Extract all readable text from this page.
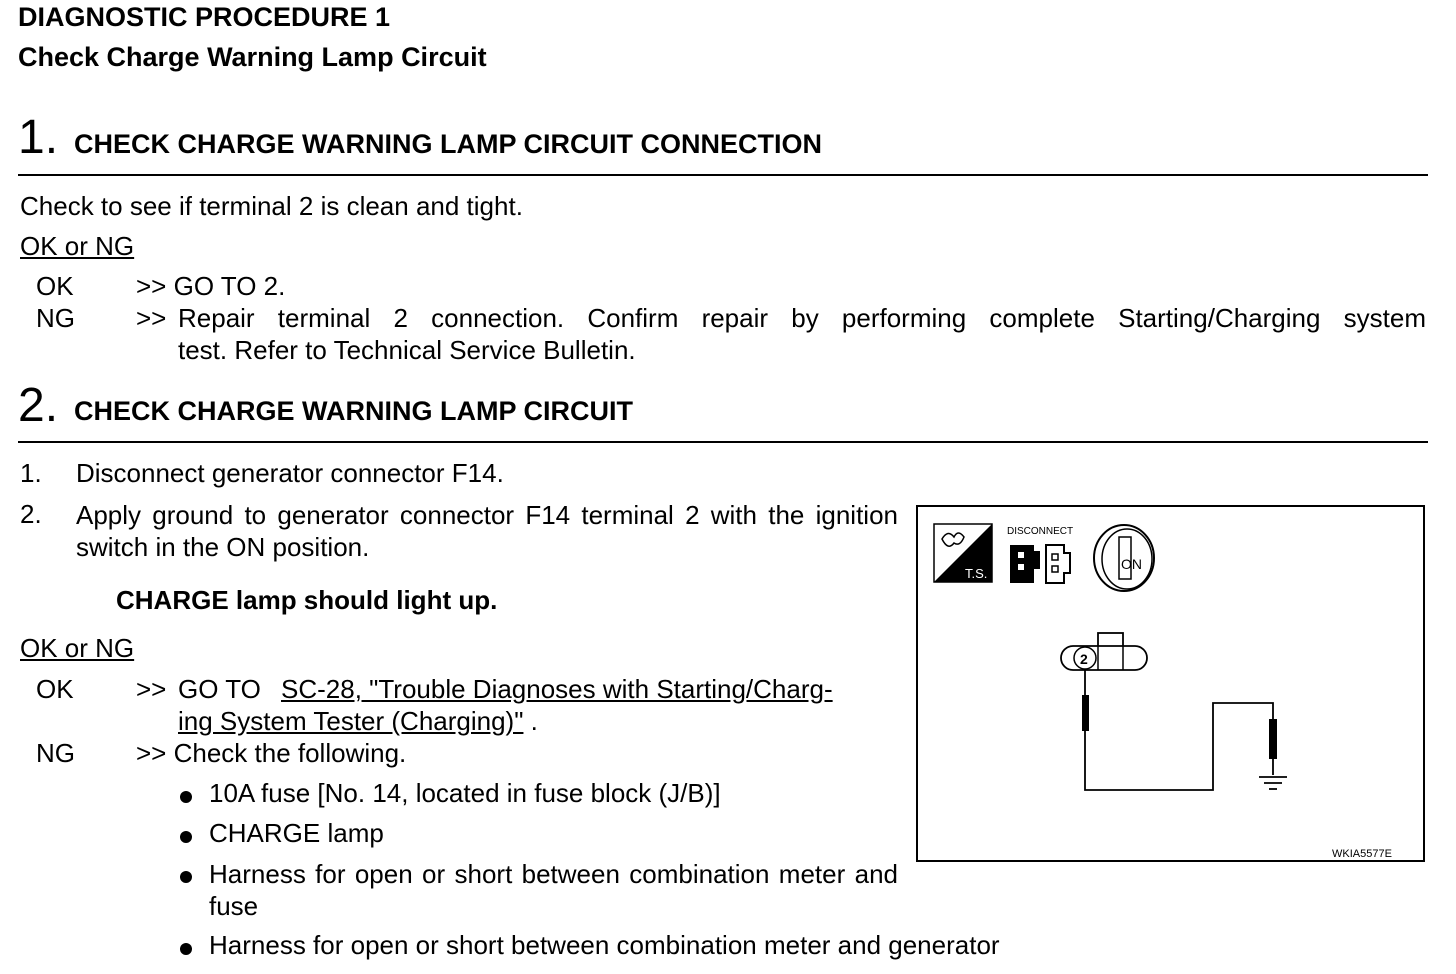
DIAGNOSTIC PROCEDURE 1
Check Charge Warning Lamp Circuit
1. CHECK CHARGE WARNING LAMP CIRCUIT CONNECTION
Check to see if terminal 2 is clean and tight.
OK or NG
OK >> GO TO 2.
NG >> Repair terminal 2 connection. Confirm repair by performing complete Starting/Charging system
test. Refer to Technical Service Bulletin.
2. CHECK CHARGE WARNING LAMP CIRCUIT
1. Disconnect generator connector F14.
2. Apply ground to generator connector F14 terminal 2 with the ignition switch in the ON position.
CHARGE lamp should light up.
OK or NG
OK >> GO TO SC-28, "Trouble Diagnoses with Starting/Charg-
ing System Tester (Charging)" .
NG >> Check the following.
10A fuse [No. 14, located in fuse block (J/B)]
CHARGE lamp
Harness for open or short between combination meter and fuse
Harness for open or short between combination meter and generator
T.S.
DISCONNECT
ON
2
WKIA5577E
